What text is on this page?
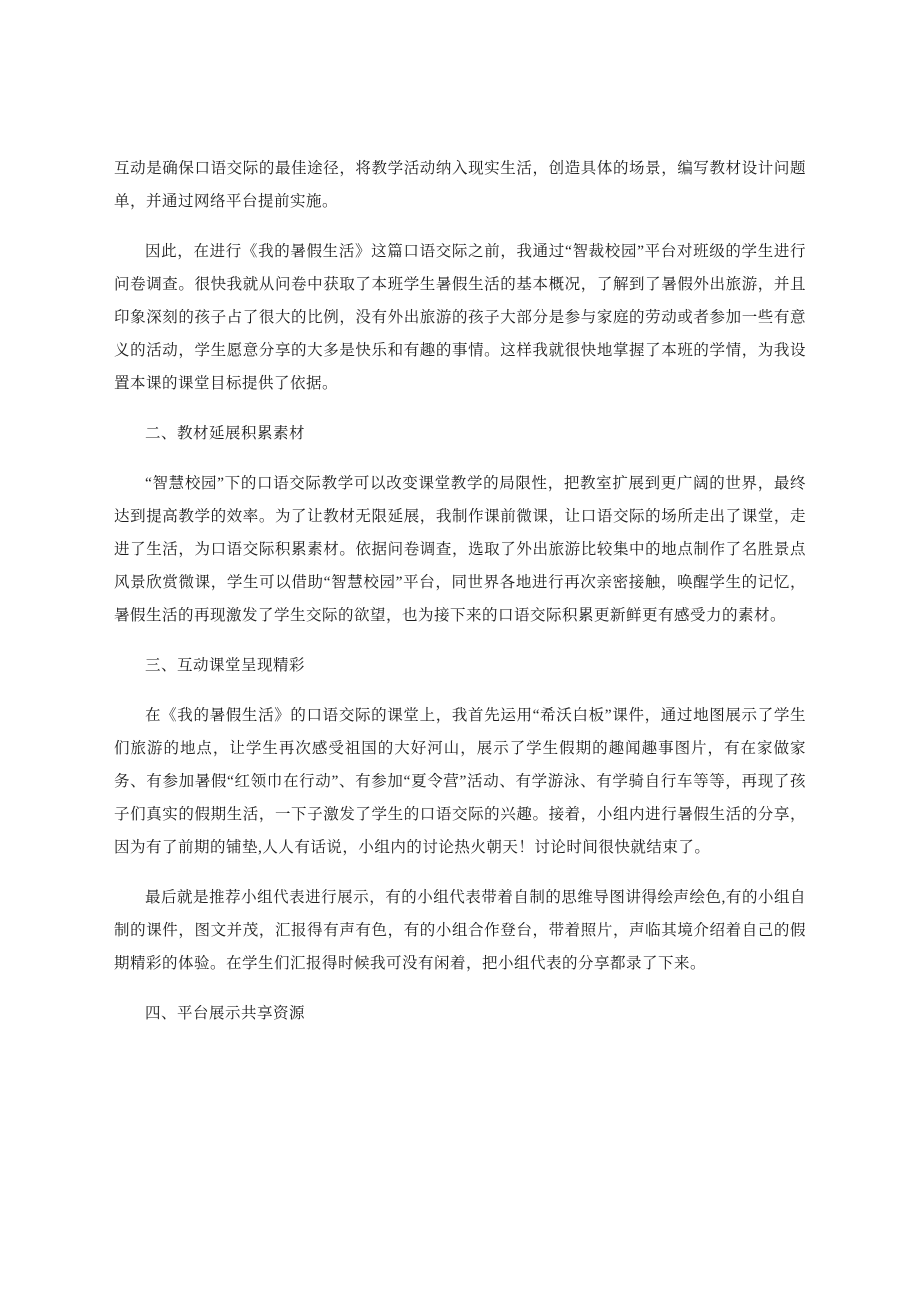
互动是确保口语交际的最佳途径，将教学活动纳入现实生活，创造具体的场景，编写教材设计问题单，并通过网络平台提前实施。

因此，在进行《我的暑假生活》这篇口语交际之前，我通过“智裁校园”平台对班级的学生进行问卷调查。很快我就从问卷中获取了本班学生暑假生活的基本概况，了解到了暑假外出旅游，并且印象深刻的孩子占了很大的比例，没有外出旅游的孩子大部分是参与家庭的劳动或者参加一些有意义的活动，学生愿意分享的大多是快乐和有趣的事情。这样我就很快地掌握了本班的学情，为我设置本课的课堂目标提供了依据。

二、教材延展积累素材

“智慧校园”下的口语交际教学可以改变课堂教学的局限性，把教室扩展到更广阔的世界，最终达到提高教学的效率。为了让教材无限延展，我制作课前微课，让口语交际的场所走出了课堂，走进了生活，为口语交际积累素材。依据问卷调查，选取了外出旅游比较集中的地点制作了名胜景点风景欣赏微课，学生可以借助“智慧校园”平台，同世界各地进行再次亲密接触，唤醒学生的记忆，暑假生活的再现激发了学生交际的欲望，也为接下来的口语交际积累更新鲜更有感受力的素材。

三、互动课堂呈现精彩

在《我的暑假生活》的口语交际的课堂上，我首先运用“希沃白板”课件，通过地图展示了学生们旅游的地点，让学生再次感受祖国的大好河山，展示了学生假期的趣闻趣事图片，有在家做家务、有参加暑假“红领巾在行动”、有参加“夏令营”活动、有学游泳、有学骑自行车等等，再现了孩子们真实的假期生活，一下子激发了学生的口语交际的兴趣。接着，小组内进行暑假生活的分享，因为有了前期的铺垫,人人有话说，小组内的讨论热火朝天！讨论时间很快就结束了。

最后就是推荐小组代表进行展示，有的小组代表带着自制的思维导图讲得绘声绘色,有的小组自制的课件，图文并茂，汇报得有声有色，有的小组合作登台，带着照片，声临其境介绍着自己的假期精彩的体验。在学生们汇报得时候我可没有闲着，把小组代表的分享都录了下来。

四、平台展示共享资源
